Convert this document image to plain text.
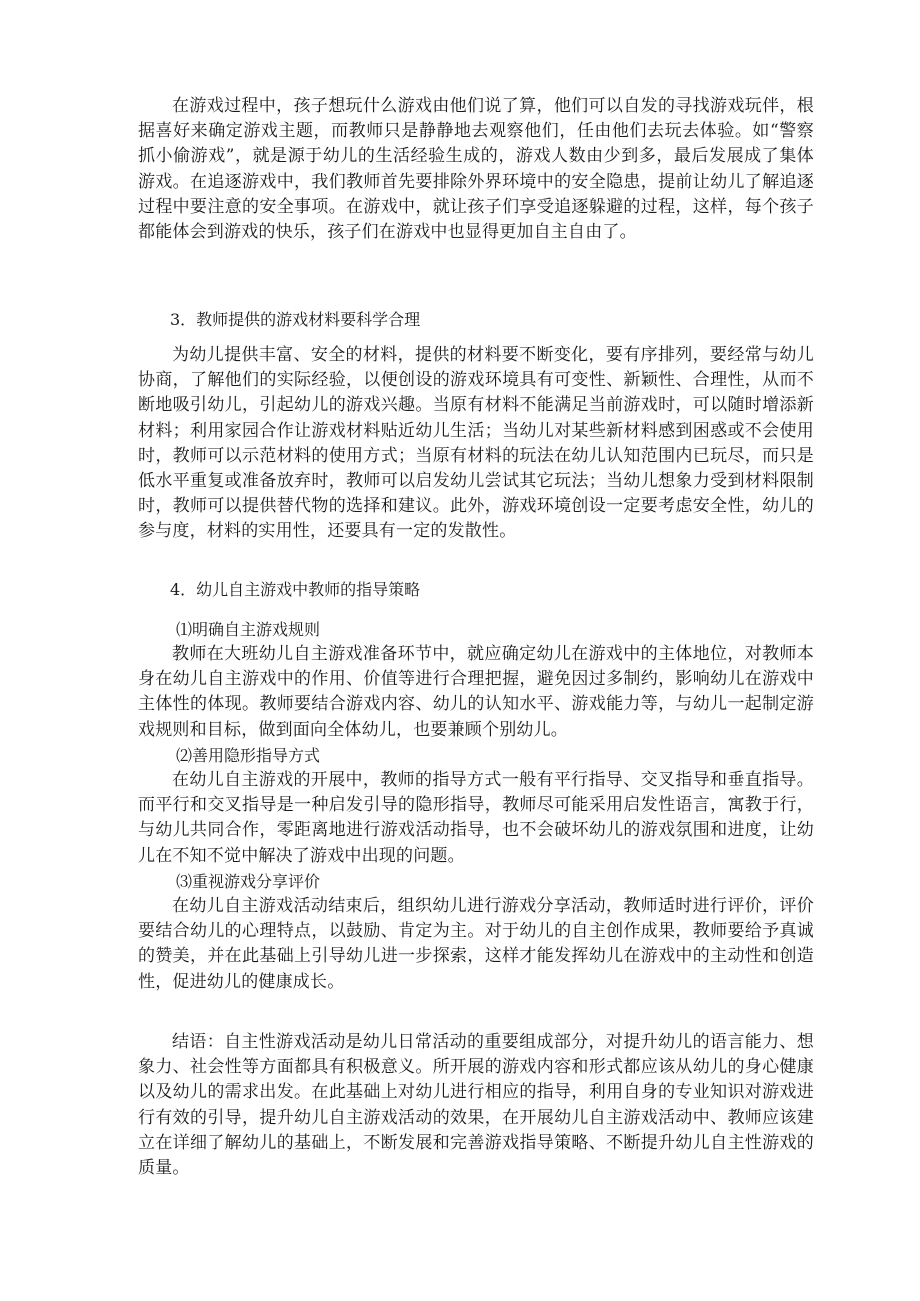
在游戏过程中，孩子想玩什么游戏由他们说了算，他们可以自发的寻找游戏玩伴，根据喜好来确定游戏主题，而教师只是静静地去观察他们，任由他们去玩去体验。如“警察抓小偷游戏”，就是源于幼儿的生活经验生成的，游戏人数由少到多，最后发展成了集体游戏。在追逐游戏中，我们教师首先要排除外界环境中的安全隐患，提前让幼儿了解追逐过程中要注意的安全事项。在游戏中，就让孩子们享受追逐躲避的过程，这样，每个孩子都能体会到游戏的快乐，孩子们在游戏中也显得更加自主自由了。

3．教师提供的游戏材料要科学合理

为幼儿提供丰富、安全的材料，提供的材料要不断变化，要有序排列，要经常与幼儿协商，了解他们的实际经验，以便创设的游戏环境具有可变性、新颖性、合理性，从而不断地吸引幼儿，引起幼儿的游戏兴趣。当原有材料不能满足当前游戏时，可以随时增添新材料；利用家园合作让游戏材料贴近幼儿生活；当幼儿对某些新材料感到困惑或不会使用时，教师可以示范材料的使用方式；当原有材料的玩法在幼儿认知范围内已玩尽，而只是低水平重复或准备放弃时，教师可以启发幼儿尝试其它玩法；当幼儿想象力受到材料限制时，教师可以提供替代物的选择和建议。此外，游戏环境创设一定要考虑安全性，幼儿的参与度，材料的实用性，还要具有一定的发散性。

4．幼儿自主游戏中教师的指导策略

⑴明确自主游戏规则

教师在大班幼儿自主游戏准备环节中，就应确定幼儿在游戏中的主体地位，对教师本身在幼儿自主游戏中的作用、价值等进行合理把握，避免因过多制约，影响幼儿在游戏中主体性的体现。教师要结合游戏内容、幼儿的认知水平、游戏能力等，与幼儿一起制定游戏规则和目标，做到面向全体幼儿，也要兼顾个别幼儿。

⑵善用隐形指导方式

在幼儿自主游戏的开展中，教师的指导方式一般有平行指导、交叉指导和垂直指导。而平行和交叉指导是一种启发引导的隐形指导，教师尽可能采用启发性语言，寓教于行，与幼儿共同合作，零距离地进行游戏活动指导，也不会破坏幼儿的游戏氛围和进度，让幼儿在不知不觉中解决了游戏中出现的问题。

⑶重视游戏分享评价

在幼儿自主游戏活动结束后，组织幼儿进行游戏分享活动，教师适时进行评价，评价要结合幼儿的心理特点，以鼓励、肯定为主。对于幼儿的自主创作成果，教师要给予真诚的赞美，并在此基础上引导幼儿进一步探索，这样才能发挥幼儿在游戏中的主动性和创造性，促进幼儿的健康成长。

结语：自主性游戏活动是幼儿日常活动的重要组成部分，对提升幼儿的语言能力、想象力、社会性等方面都具有积极意义。所开展的游戏内容和形式都应该从幼儿的身心健康以及幼儿的需求出发。在此基础上对幼儿进行相应的指导，利用自身的专业知识对游戏进行有效的引导，提升幼儿自主游戏活动的效果，在开展幼儿自主游戏活动中、教师应该建立在详细了解幼儿的基础上，不断发展和完善游戏指导策略、不断提升幼儿自主性游戏的质量。
